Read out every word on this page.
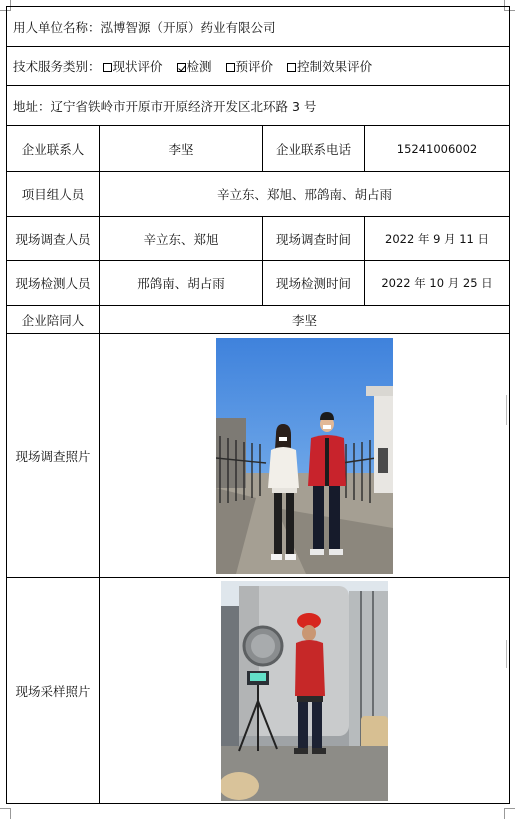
用人单位名称：泓博智源（开原）药业有限公司			
技术服务类别： 现状评价 检测 预评价 控制效果评价			
地址：辽宁省铁岭市开原市开原经济开发区北环路 3 号			
企业联系人	李坚	企业联系电话	15241006002
项目组人员	辛立东、郑旭、邢鸽南、胡占雨		
现场调查人员	辛立东、郑旭	现场调查时间	2022 年 9 月 11 日
现场检测人员	邢鸽南、胡占雨	现场检测时间	2022 年 10 月 25 日
企业陪同人	李坚		
现场调查照片	

现场采样照片	
